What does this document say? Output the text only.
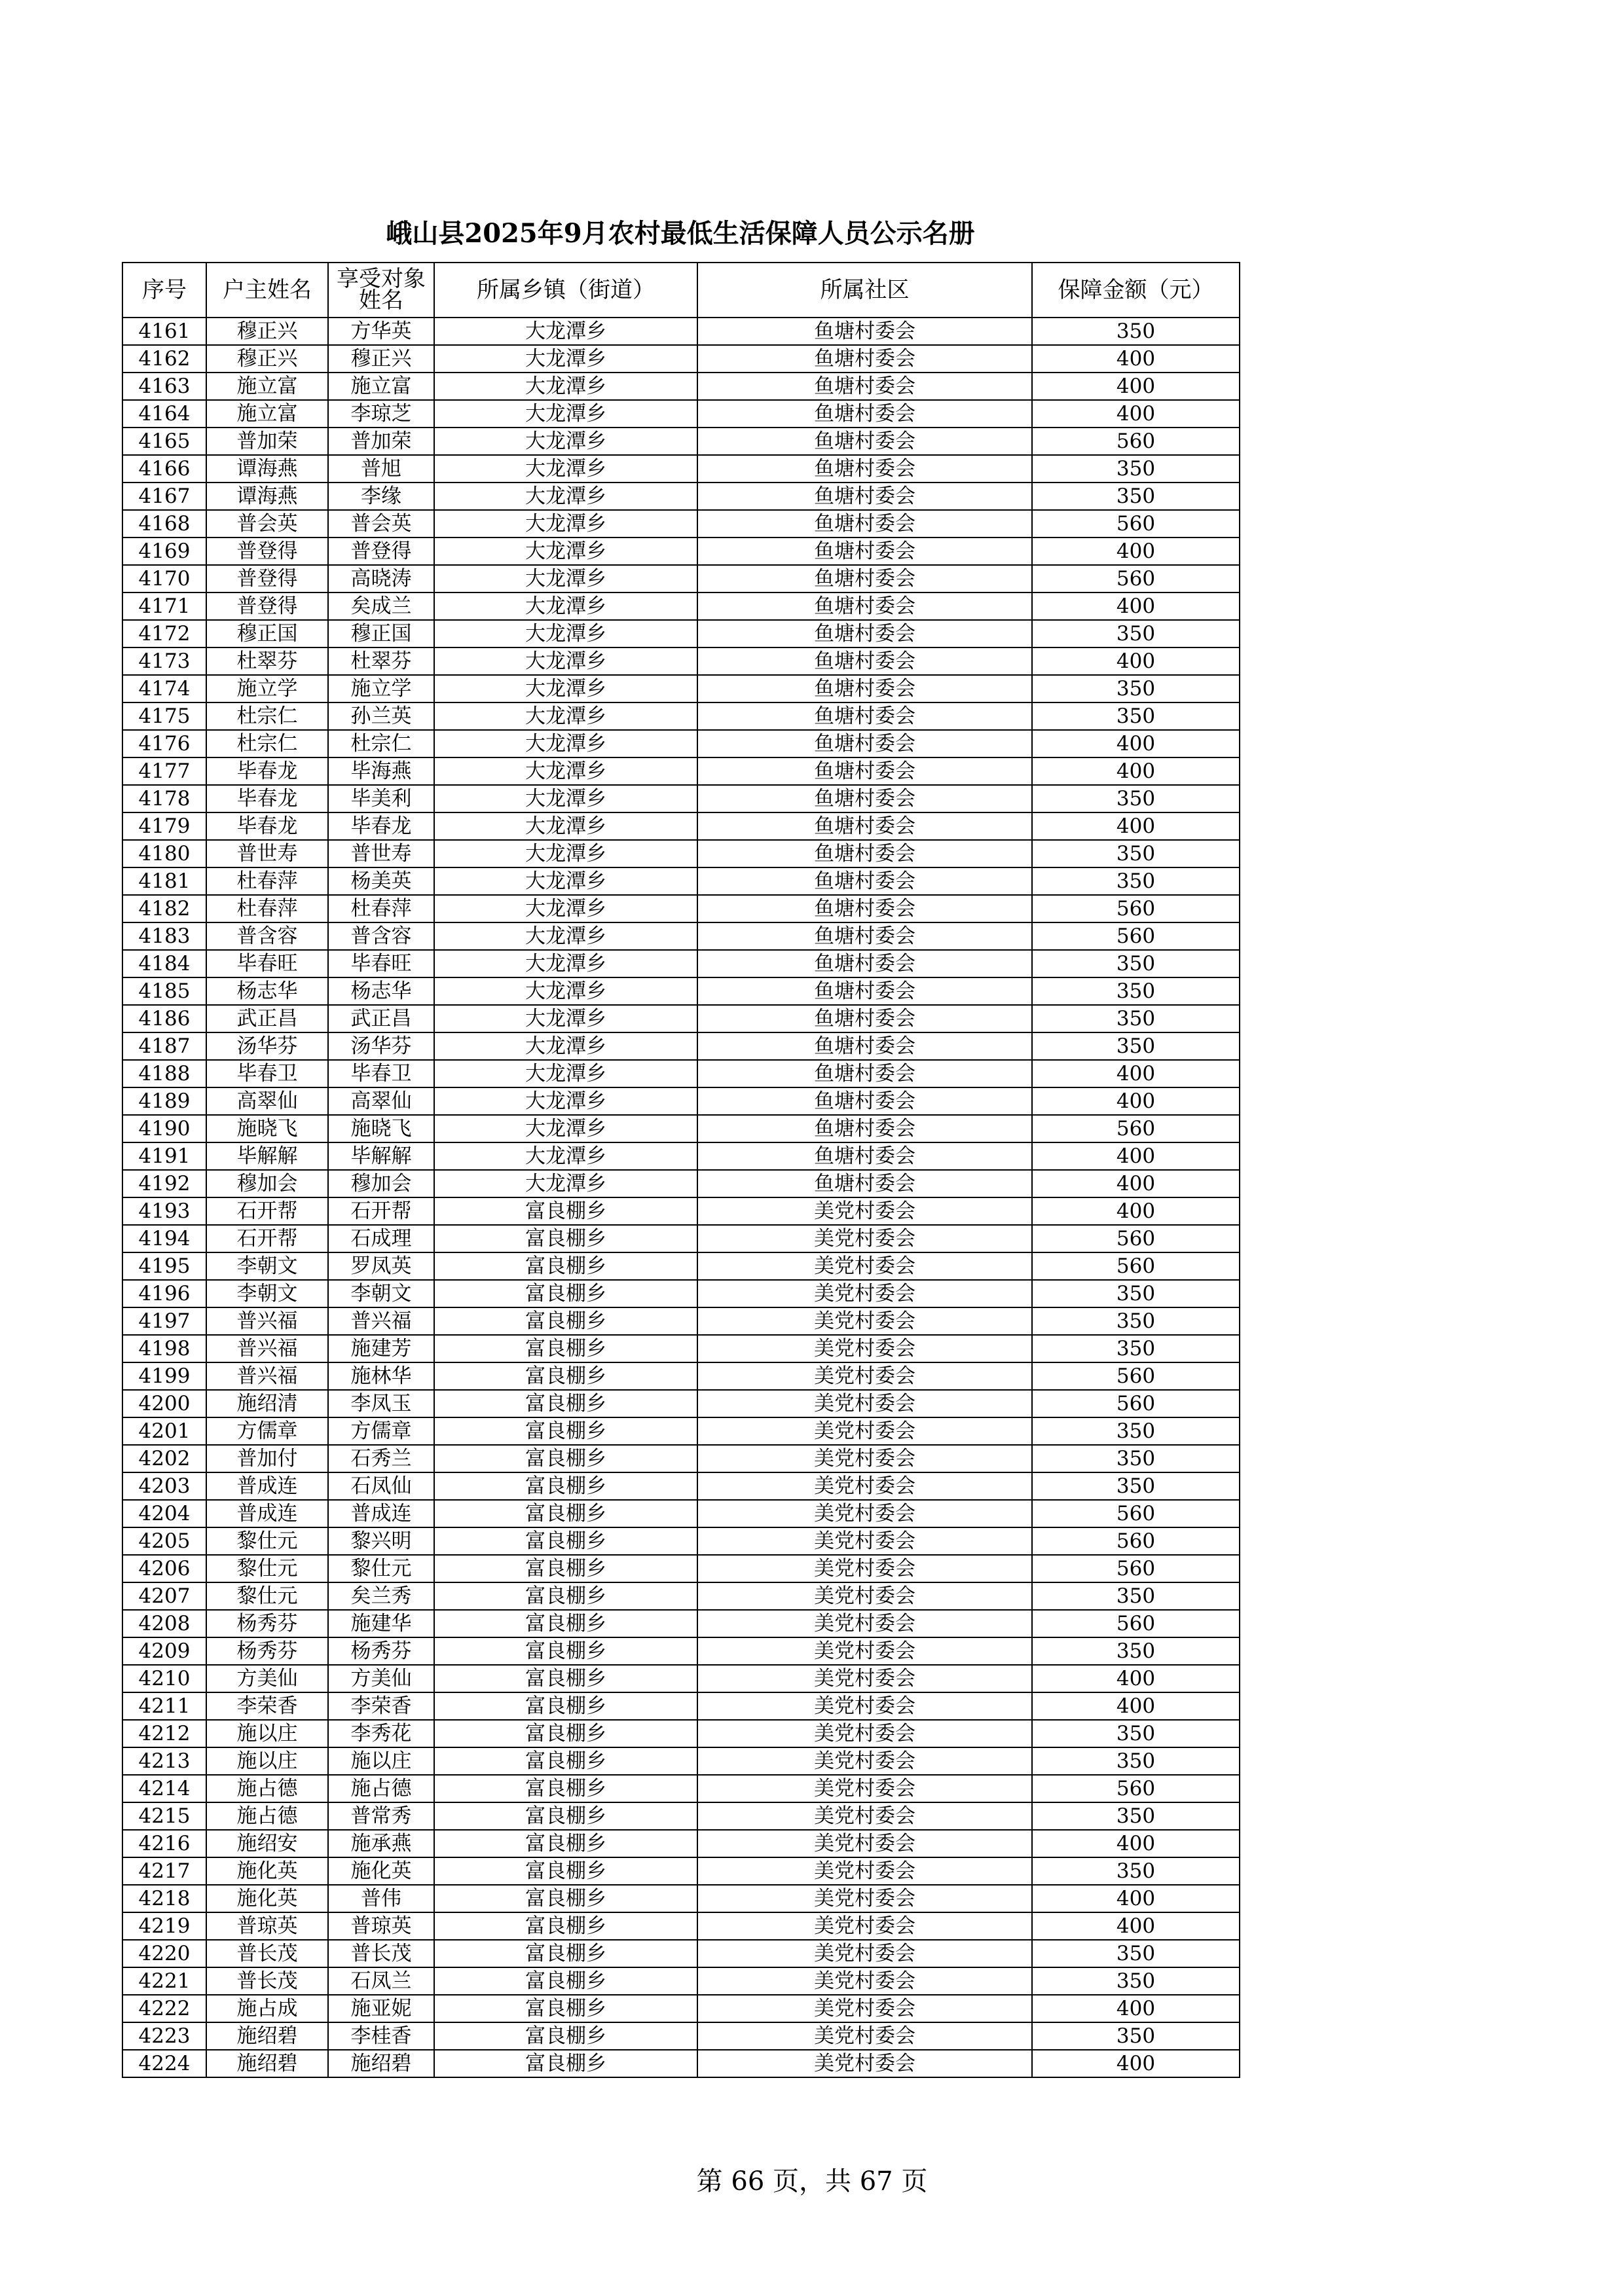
峨山县2025年9月农村最低生活保障人员公示名册
序号	户主姓名	享受对象姓名	所属乡镇（街道）	所属社区	保障金额（元）
4161	穆正兴	方华英	大龙潭乡	鱼塘村委会	350
4162	穆正兴	穆正兴	大龙潭乡	鱼塘村委会	400
4163	施立富	施立富	大龙潭乡	鱼塘村委会	400
4164	施立富	李琼芝	大龙潭乡	鱼塘村委会	400
4165	普加荣	普加荣	大龙潭乡	鱼塘村委会	560
4166	谭海燕	普旭	大龙潭乡	鱼塘村委会	350
4167	谭海燕	李缘	大龙潭乡	鱼塘村委会	350
4168	普会英	普会英	大龙潭乡	鱼塘村委会	560
4169	普登得	普登得	大龙潭乡	鱼塘村委会	400
4170	普登得	高晓涛	大龙潭乡	鱼塘村委会	560
4171	普登得	矣成兰	大龙潭乡	鱼塘村委会	400
4172	穆正国	穆正国	大龙潭乡	鱼塘村委会	350
4173	杜翠芬	杜翠芬	大龙潭乡	鱼塘村委会	400
4174	施立学	施立学	大龙潭乡	鱼塘村委会	350
4175	杜宗仁	孙兰英	大龙潭乡	鱼塘村委会	350
4176	杜宗仁	杜宗仁	大龙潭乡	鱼塘村委会	400
4177	毕春龙	毕海燕	大龙潭乡	鱼塘村委会	400
4178	毕春龙	毕美利	大龙潭乡	鱼塘村委会	350
4179	毕春龙	毕春龙	大龙潭乡	鱼塘村委会	400
4180	普世寿	普世寿	大龙潭乡	鱼塘村委会	350
4181	杜春萍	杨美英	大龙潭乡	鱼塘村委会	350
4182	杜春萍	杜春萍	大龙潭乡	鱼塘村委会	560
4183	普含容	普含容	大龙潭乡	鱼塘村委会	560
4184	毕春旺	毕春旺	大龙潭乡	鱼塘村委会	350
4185	杨志华	杨志华	大龙潭乡	鱼塘村委会	350
4186	武正昌	武正昌	大龙潭乡	鱼塘村委会	350
4187	汤华芬	汤华芬	大龙潭乡	鱼塘村委会	350
4188	毕春卫	毕春卫	大龙潭乡	鱼塘村委会	400
4189	高翠仙	高翠仙	大龙潭乡	鱼塘村委会	400
4190	施晓飞	施晓飞	大龙潭乡	鱼塘村委会	560
4191	毕解解	毕解解	大龙潭乡	鱼塘村委会	400
4192	穆加会	穆加会	大龙潭乡	鱼塘村委会	400
4193	石开帮	石开帮	富良棚乡	美党村委会	400
4194	石开帮	石成理	富良棚乡	美党村委会	560
4195	李朝文	罗凤英	富良棚乡	美党村委会	560
4196	李朝文	李朝文	富良棚乡	美党村委会	350
4197	普兴福	普兴福	富良棚乡	美党村委会	350
4198	普兴福	施建芳	富良棚乡	美党村委会	350
4199	普兴福	施林华	富良棚乡	美党村委会	560
4200	施绍清	李凤玉	富良棚乡	美党村委会	560
4201	方儒章	方儒章	富良棚乡	美党村委会	350
4202	普加付	石秀兰	富良棚乡	美党村委会	350
4203	普成连	石凤仙	富良棚乡	美党村委会	350
4204	普成连	普成连	富良棚乡	美党村委会	560
4205	黎仕元	黎兴明	富良棚乡	美党村委会	560
4206	黎仕元	黎仕元	富良棚乡	美党村委会	560
4207	黎仕元	矣兰秀	富良棚乡	美党村委会	350
4208	杨秀芬	施建华	富良棚乡	美党村委会	560
4209	杨秀芬	杨秀芬	富良棚乡	美党村委会	350
4210	方美仙	方美仙	富良棚乡	美党村委会	400
4211	李荣香	李荣香	富良棚乡	美党村委会	400
4212	施以庄	李秀花	富良棚乡	美党村委会	350
4213	施以庄	施以庄	富良棚乡	美党村委会	350
4214	施占德	施占德	富良棚乡	美党村委会	560
4215	施占德	普常秀	富良棚乡	美党村委会	350
4216	施绍安	施承燕	富良棚乡	美党村委会	400
4217	施化英	施化英	富良棚乡	美党村委会	350
4218	施化英	普伟	富良棚乡	美党村委会	400
4219	普琼英	普琼英	富良棚乡	美党村委会	400
4220	普长茂	普长茂	富良棚乡	美党村委会	350
4221	普长茂	石凤兰	富良棚乡	美党村委会	350
4222	施占成	施亚妮	富良棚乡	美党村委会	400
4223	施绍碧	李桂香	富良棚乡	美党村委会	350
4224	施绍碧	施绍碧	富良棚乡	美党村委会	400
第 66 页，共 67 页
